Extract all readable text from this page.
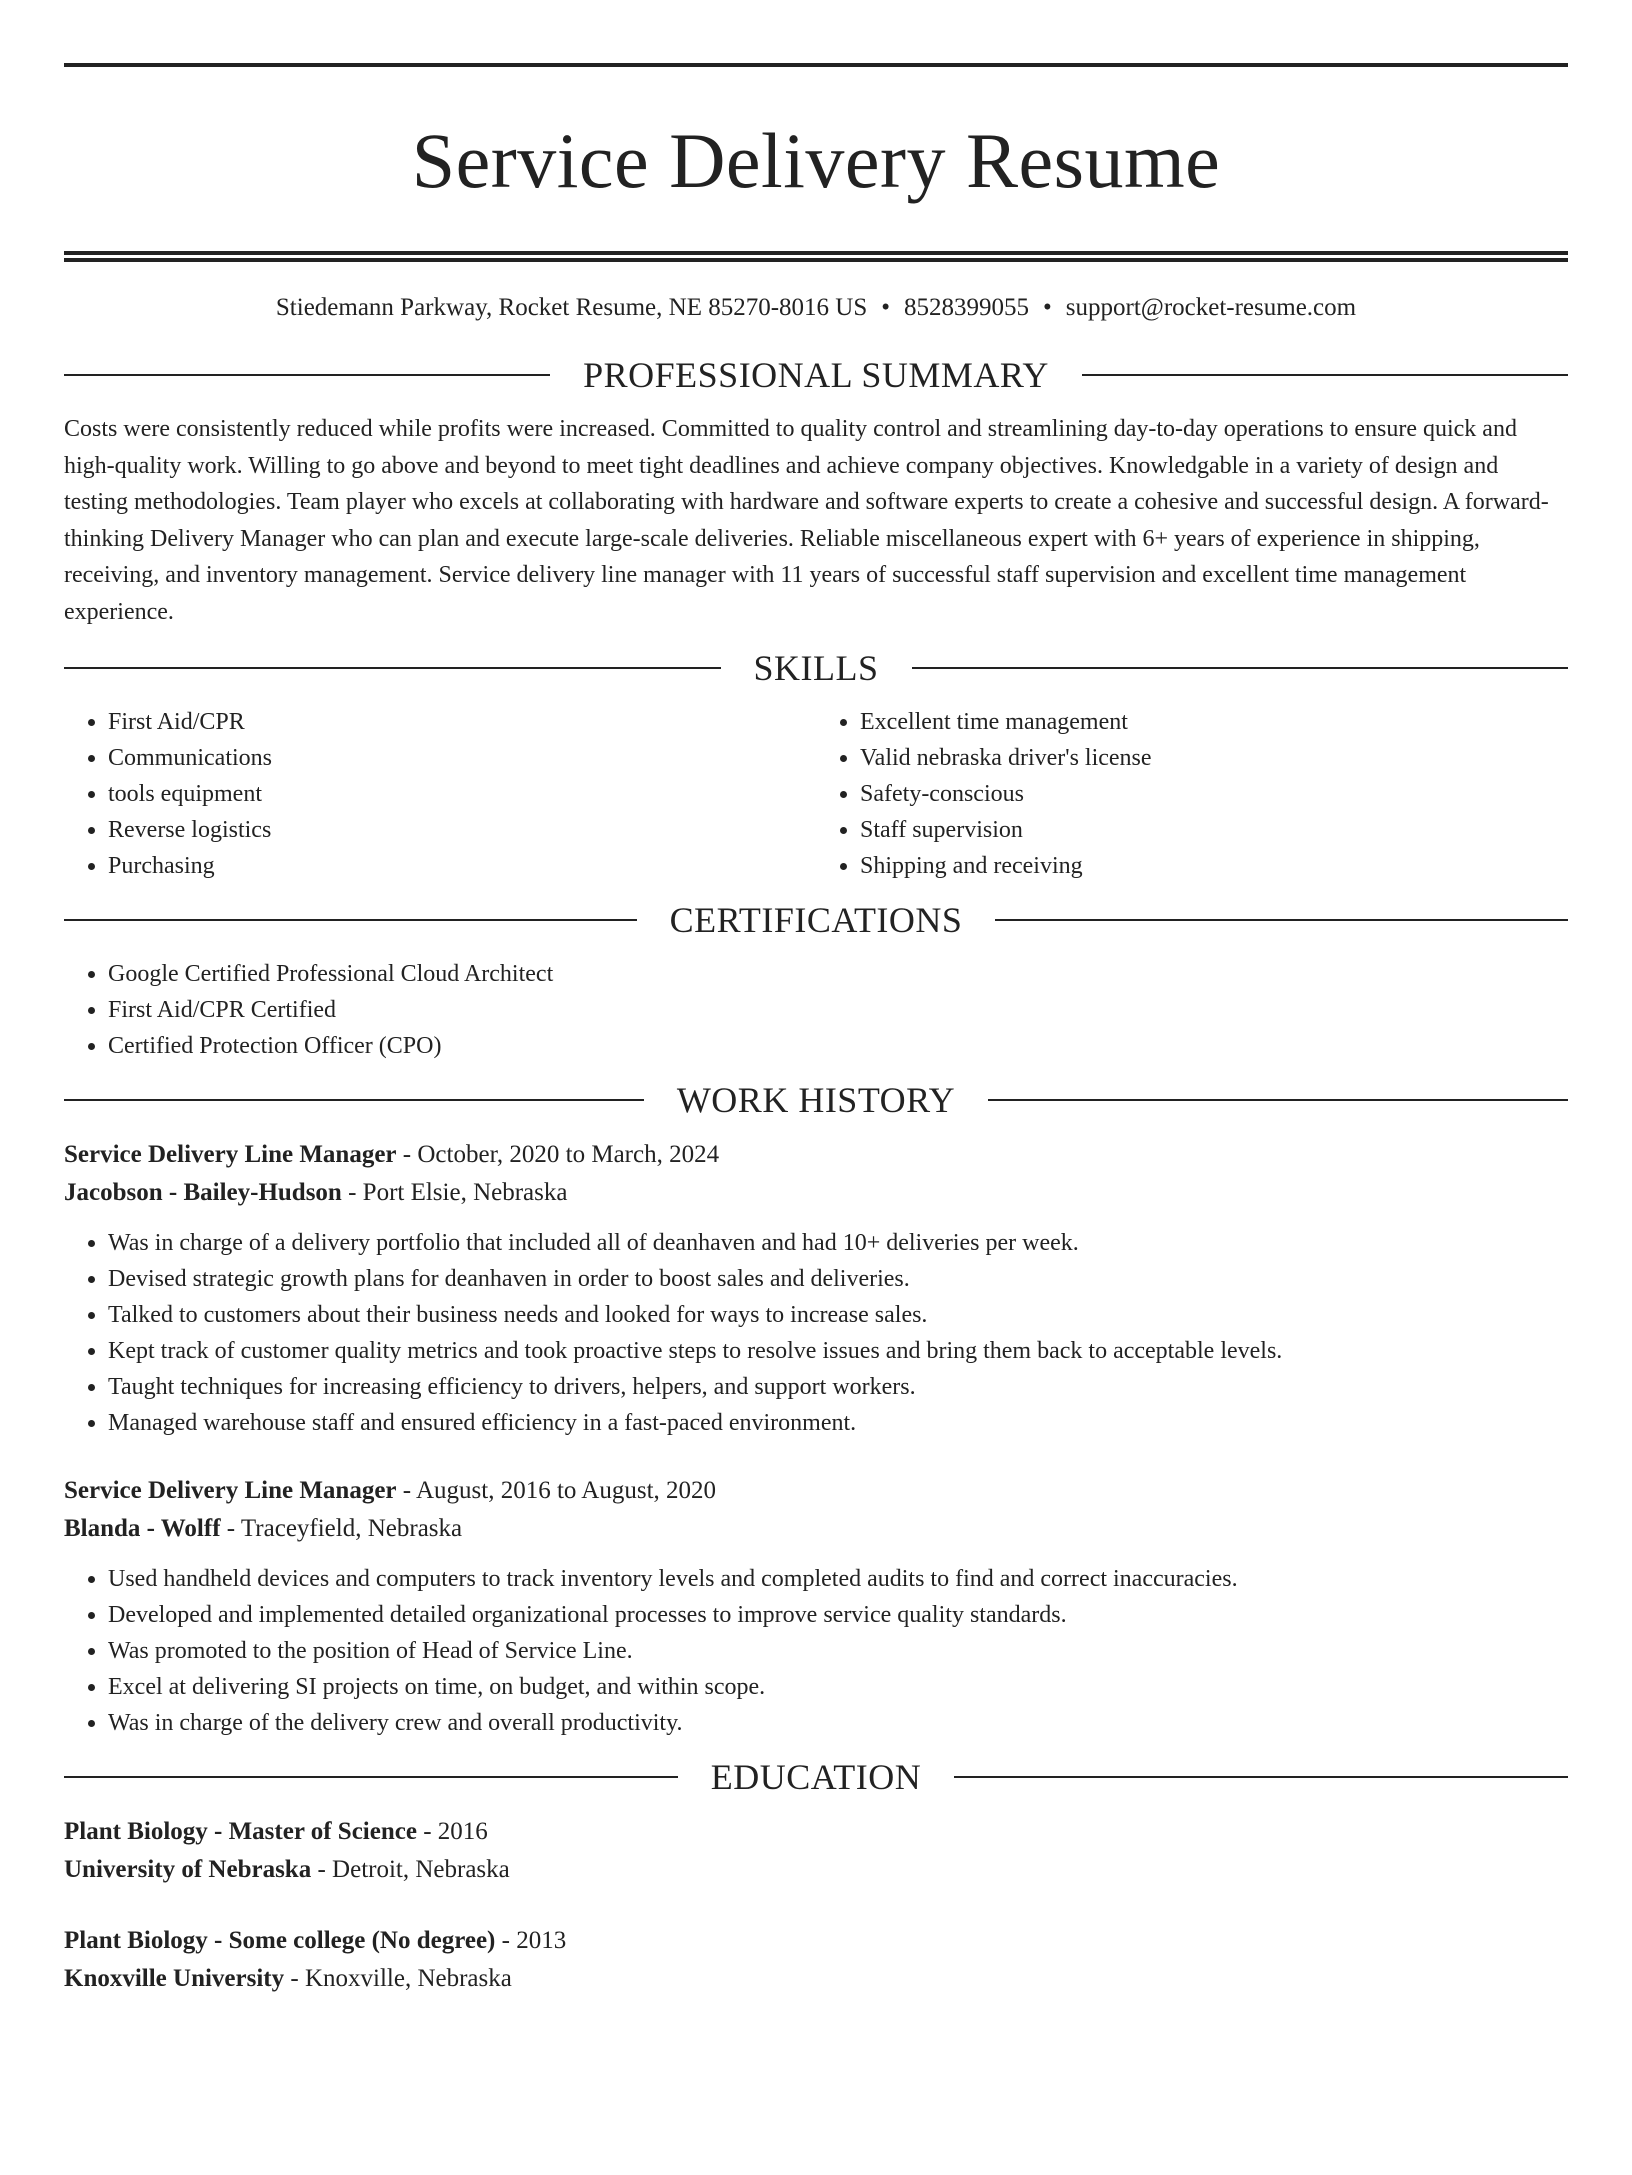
Service Delivery Resume
Stiedemann Parkway, Rocket Resume, NE 85270-8016 US • 8528399055 • support@rocket-resume.com
PROFESSIONAL SUMMARY

Costs were consistently reduced while profits were increased. Committed to quality control and streamlining day-to-day operations to ensure quick and high-quality work. Willing to go above and beyond to meet tight deadlines and achieve company objectives. Knowledgable in a variety of design and testing methodologies. Team player who excels at collaborating with hardware and software experts to create a cohesive and successful design. A forward-thinking Delivery Manager who can plan and execute large-scale deliveries. Reliable miscellaneous expert with 6+ years of experience in shipping, receiving, and inventory management. Service delivery line manager with 11 years of successful staff supervision and excellent time management experience.

SKILLS
• First Aid/CPR
• Communications
• tools equipment
• Reverse logistics
• Purchasing
• Excellent time management
• Valid nebraska driver's license
• Safety-conscious
• Staff supervision
• Shipping and receiving
CERTIFICATIONS
• Google Certified Professional Cloud Architect
• First Aid/CPR Certified
• Certified Protection Officer (CPO)
WORK HISTORY
Service Delivery Line Manager - October, 2020 to March, 2024
Jacobson - Bailey-Hudson - Port Elsie, Nebraska
• Was in charge of a delivery portfolio that included all of deanhaven and had 10+ deliveries per week.
• Devised strategic growth plans for deanhaven in order to boost sales and deliveries.
• Talked to customers about their business needs and looked for ways to increase sales.
• Kept track of customer quality metrics and took proactive steps to resolve issues and bring them back to acceptable levels.
• Taught techniques for increasing efficiency to drivers, helpers, and support workers.
• Managed warehouse staff and ensured efficiency in a fast-paced environment.
Service Delivery Line Manager - August, 2016 to August, 2020
Blanda - Wolff - Traceyfield, Nebraska
• Used handheld devices and computers to track inventory levels and completed audits to find and correct inaccuracies.
• Developed and implemented detailed organizational processes to improve service quality standards.
• Was promoted to the position of Head of Service Line.
• Excel at delivering SI projects on time, on budget, and within scope.
• Was in charge of the delivery crew and overall productivity.
EDUCATION
Plant Biology - Master of Science - 2016
University of Nebraska - Detroit, Nebraska
Plant Biology - Some college (No degree) - 2013
Knoxville University - Knoxville, Nebraska
